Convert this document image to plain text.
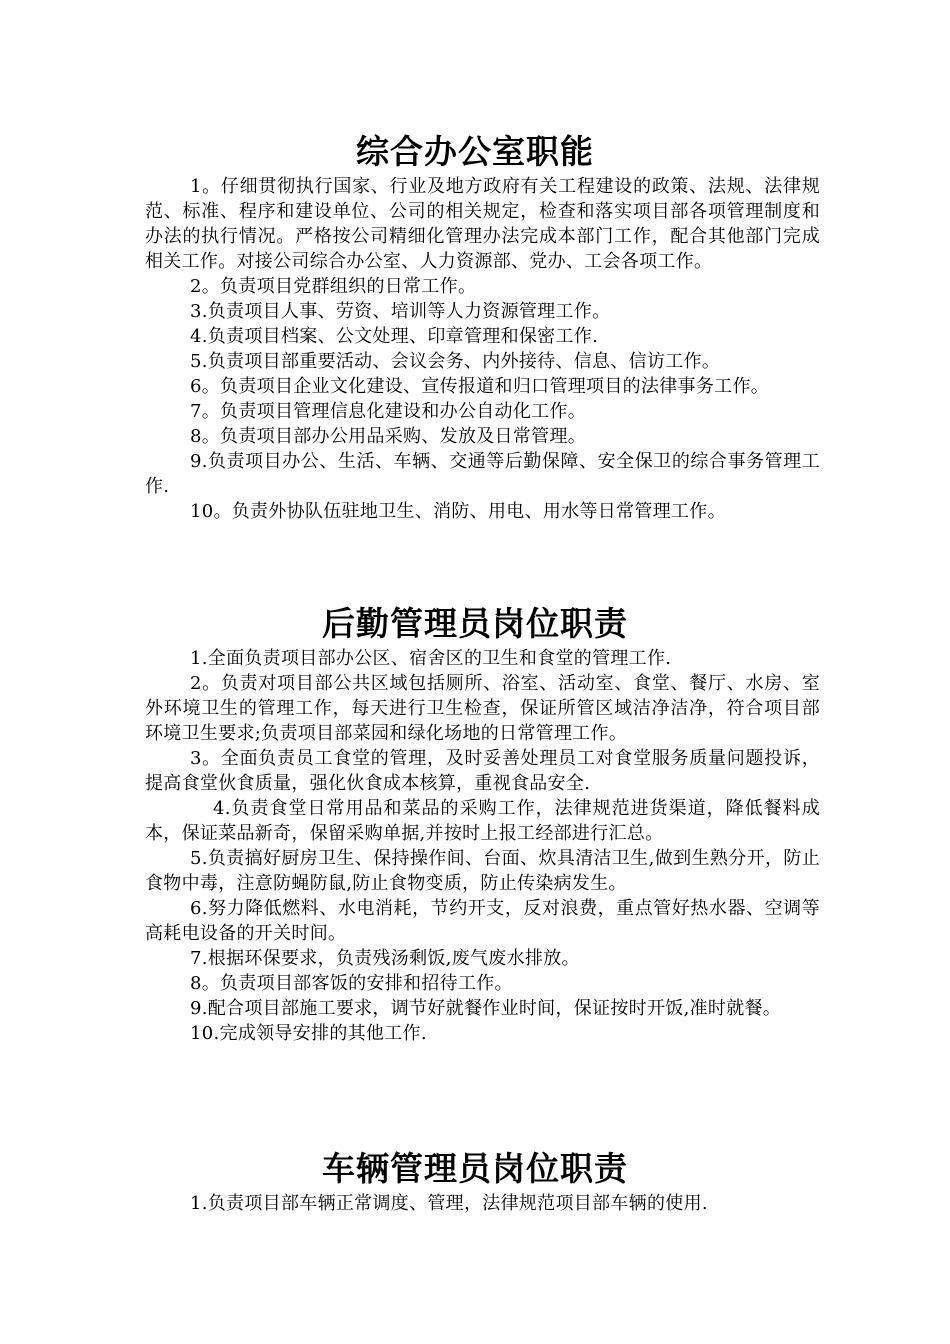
综合办公室职能

1。仔细贯彻执行国家、行业及地方政府有关工程建设的政策、法规、法律规范、标准、程序和建设单位、公司的相关规定，检查和落实项目部各项管理制度和办法的执行情况。严格按公司精细化管理办法完成本部门工作，配合其他部门完成相关工作。对接公司综合办公室、人力资源部、党办、工会各项工作。

2。负责项目党群组织的日常工作。

3.负责项目人事、劳资、培训等人力资源管理工作。

4.负责项目档案、公文处理、印章管理和保密工作.

5.负责项目部重要活动、会议会务、内外接待、信息、信访工作。

6。负责项目企业文化建设、宣传报道和归口管理项目的法律事务工作。

7。负责项目管理信息化建设和办公自动化工作。

8。负责项目部办公用品采购、发放及日常管理。

9.负责项目办公、生活、车辆、交通等后勤保障、安全保卫的综合事务管理工作.

10。负责外协队伍驻地卫生、消防、用电、用水等日常管理工作。

后勤管理员岗位职责

1.全面负责项目部办公区、宿舍区的卫生和食堂的管理工作.

2。负责对项目部公共区域包括厕所、浴室、活动室、食堂、餐厅、水房、室外环境卫生的管理工作，每天进行卫生检查，保证所管区域洁净洁净，符合项目部环境卫生要求;负责项目部菜园和绿化场地的日常管理工作。

3。全面负责员工食堂的管理，及时妥善处理员工对食堂服务质量问题投诉，提高食堂伙食质量，强化伙食成本核算，重视食品安全.

4.负责食堂日常用品和菜品的采购工作，法律规范进货渠道，降低餐料成本，保证菜品新奇，保留采购单据,并按时上报工经部进行汇总。

5.负责搞好厨房卫生、保持操作间、台面、炊具清洁卫生,做到生熟分开，防止食物中毒，注意防蝇防鼠,防止食物变质，防止传染病发生。

6.努力降低燃料、水电消耗，节约开支，反对浪费，重点管好热水器、空调等高耗电设备的开关时间。

7.根据环保要求，负责残汤剩饭,废气废水排放。

8。负责项目部客饭的安排和招待工作。

9.配合项目部施工要求，调节好就餐作业时间，保证按时开饭,准时就餐。

10.完成领导安排的其他工作.

车辆管理员岗位职责

1.负责项目部车辆正常调度、管理，法律规范项目部车辆的使用.
